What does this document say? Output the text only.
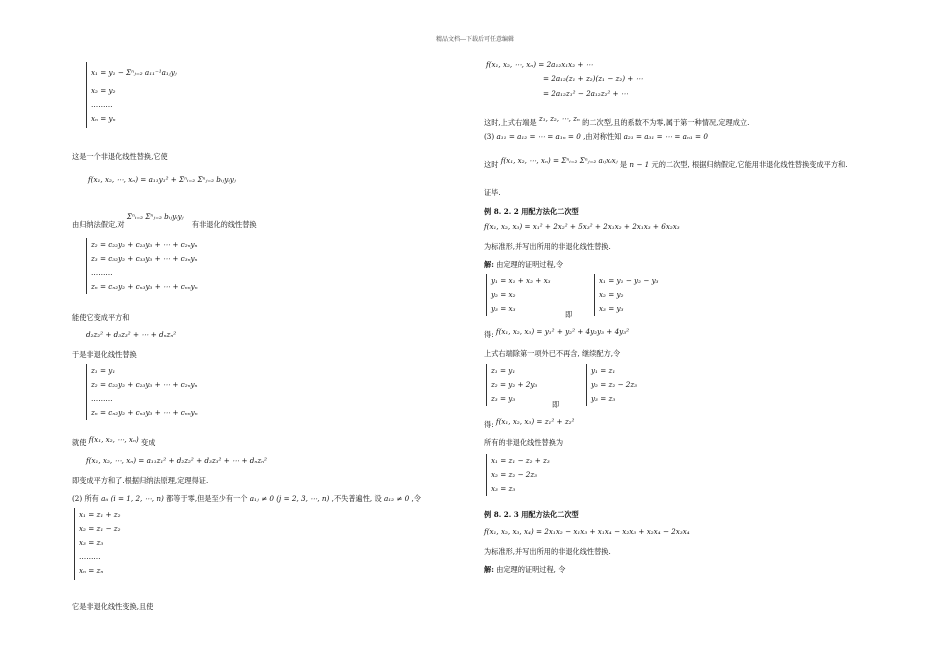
精品文档---下载后可任意编辑
x₁ = y₁ − Σⁿⱼ₌₂ a₁₁⁻¹a₁ⱼyⱼ
x₂ = y₂
………
xₙ = yₙ
这是一个非退化线性替换,它使
f(x₁, x₂, ⋯, xₙ) = a₁₁y₁² + Σⁿᵢ₌₂ Σⁿⱼ₌₂ bᵢⱼyᵢyⱼ
由归纳法假定,对 Σⁿᵢ₌₂ Σⁿⱼ₌₂ bᵢⱼyᵢyⱼ 有非退化的线性替换
z₂ = c₂₂y₂ + c₂₃y₃ + ⋯ + c₂ₙyₙ
z₃ = c₃₂y₂ + c₃₃y₃ + ⋯ + c₃ₙyₙ
………
zₙ = cₙ₂y₂ + cₙ₃y₃ + ⋯ + cₙₙyₙ
能使它变成平方和
d₂z₂² + d₃z₃² + ⋯ + dₙzₙ²
于是非退化线性替换
z₁ = y₁
z₂ = c₂₂y₂ + c₂₃y₃ + ⋯ + c₂ₙyₙ
………
zₙ = cₙ₂y₂ + cₙ₃y₃ + ⋯ + cₙₙyₙ
就使 f(x₁, x₂, ⋯, xₙ) 变成
f(x₁, x₂, ⋯, xₙ) = a₁₁z₁² + d₂z₂² + d₃z₃² + ⋯ + dₙzₙ²
即变成平方和了.根据归纳法原理,定理得证.
(2) 所有 aᵢᵢ (i = 1, 2, ⋯, n) 都等于零,但是至少有一个 a₁ⱼ ≠ 0 (j = 2, 3, ⋯, n) ,不失普遍性, 设 a₁₂ ≠ 0 ,令
x₁ = z₁ + z₂
x₂ = z₁ − z₂
x₃ = z₃
………
xₙ = zₙ
它是非退化线性变换,且使
f(x₁, x₂, ⋯, xₙ) = 2a₁₂x₁x₂ + ⋯
= 2a₁₂(z₁ + z₂)(z₁ − z₂) + ⋯
= 2a₁₂z₁² − 2a₁₂z₂² + ⋯
这时,上式右端是 z₁, z₂, ⋯, zₙ 的二次型,且的系数不为零,属于第一种情况,定理成立.
(3) a₁₁ = a₁₂ = ⋯ = a₁ₙ = 0 ,由对称性知 a₂₁ = a₃₁ = ⋯ = aₙ₁ = 0
这时 f(x₁, x₂, ⋯, xₙ) = Σⁿᵢ₌₂ Σⁿⱼ₌₂ aᵢⱼxᵢxⱼ 是 n − 1 元的二次型, 根据归纳假定,它能用非退化线性替换变成平方和.
证毕.
例 8. 2. 2 用配方法化二次型
f(x₁, x₂, x₃) = x₁² + 2x₂² + 5x₃² + 2x₁x₂ + 2x₁x₃ + 6x₂x₃
为标准形,并写出所用的非退化线性替换.
解: 由定理的证明过程,令
y₁ = x₁ + x₂ + x₃
y₂ = x₂
y₃ = x₃
即
x₁ = y₁ − y₂ − y₃
x₂ = y₂
x₃ = y₃
得: f(x₁, x₂, x₃) = y₁² + y₂² + 4y₂y₃ + 4y₃²
上式右端除第一项外已不再含, 继续配方,令
z₁ = y₁
z₂ = y₂ + 2y₃
z₃ = y₃
即
y₁ = z₁
y₂ = z₂ − 2z₃
y₃ = z₃
得: f(x₁, x₂, x₃) = z₁² + z₂²
所有的非退化线性替换为
x₁ = z₁ − z₂ + z₃
x₂ = z₂ − 2z₃
x₃ = z₃
例 8. 2. 3 用配方法化二次型
f(x₁, x₂, x₃, x₄) = 2x₁x₂ − x₁x₃ + x₁x₄ − x₂x₃ + x₂x₄ − 2x₃x₄
为标准形,并写出所用的非退化线性替换.
解: 由定理的证明过程, 令
